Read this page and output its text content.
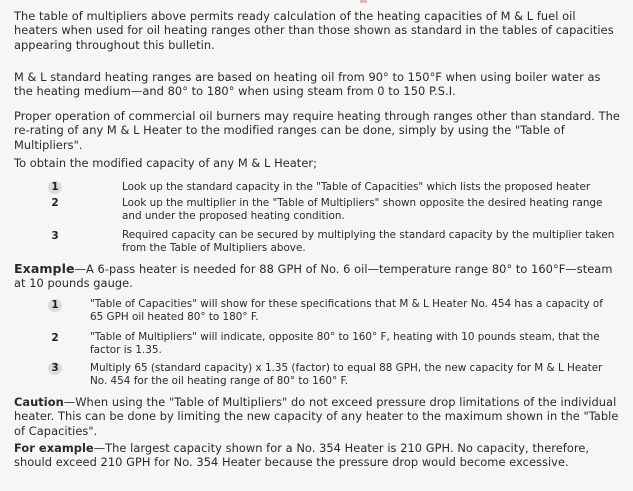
The table of multipliers above permits ready calculation of the heating capacities of M & L fuel oil heaters when used for oil heating ranges other than those shown as standard in the tables of capacities appearing throughout this bulletin.

M & L standard heating ranges are based on heating oil from 90° to 150°F when using boiler water as the heating medium—and 80° to 180° when using steam from 0 to 150 P.S.I.

Proper operation of commercial oil burners may require heating through ranges other than standard. The re-rating of any M & L Heater to the modified ranges can be done, simply by using the "Table of Multipliers".

To obtain the modified capacity of any M & L Heater;

1	Look up the standard capacity in the "Table of Capacities" which lists the proposed heater

2	Look up the multiplier in the "Table of Multipliers" shown opposite the desired heating range and under the proposed heating condition.

3	Required capacity can be secured by multiplying the standard capacity by the multiplier taken from the Table of Multipliers above.

Example—A 6-pass heater is needed for 88 GPH of No. 6 oil—temperature range 80° to 160°F—steam at 10 pounds gauge.

1	"Table of Capacities" will show for these specifications that M & L Heater No. 454 has a capacity of 65 GPH oil heated 80° to 180° F.

2	"Table of Multipliers" will indicate, opposite 80° to 160° F, heating with 10 pounds steam, that the factor is 1.35.

3	Multiply 65 (standard capacity) x 1.35 (factor) to equal 88 GPH, the new capacity for M & L Heater No. 454 for the oil heating range of 80° to 160° F.

Caution—When using the "Table of Multipliers" do not exceed pressure drop limitations of the individual heater. This can be done by limiting the new capacity of any heater to the maximum shown in the "Table of Capacities".

For example—The largest capacity shown for a No. 354 Heater is 210 GPH. No capacity, therefore, should exceed 210 GPH for No. 354 Heater because the pressure drop would become excessive.
